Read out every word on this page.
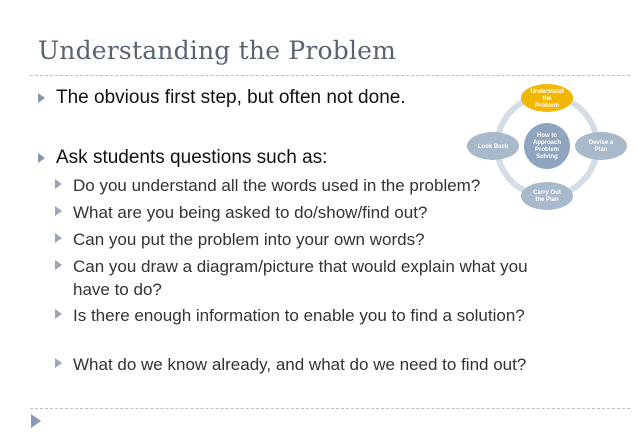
Understanding the Problem
The obvious first step, but often not done.
Ask students questions such as:
Do you understand all the words used in the problem?
What are you being asked to do/show/find out?
Can you put the problem into your own words?
Can you draw a diagram/picture that would explain what you have to do?
Is there enough information to enable you to find a solution?
What do we know already, and what do we need to find out?
Understand
the
Problem
Devise a
Plan
Carry Out
the Plan
Look Back
How to
Approach
Problem
Solving
